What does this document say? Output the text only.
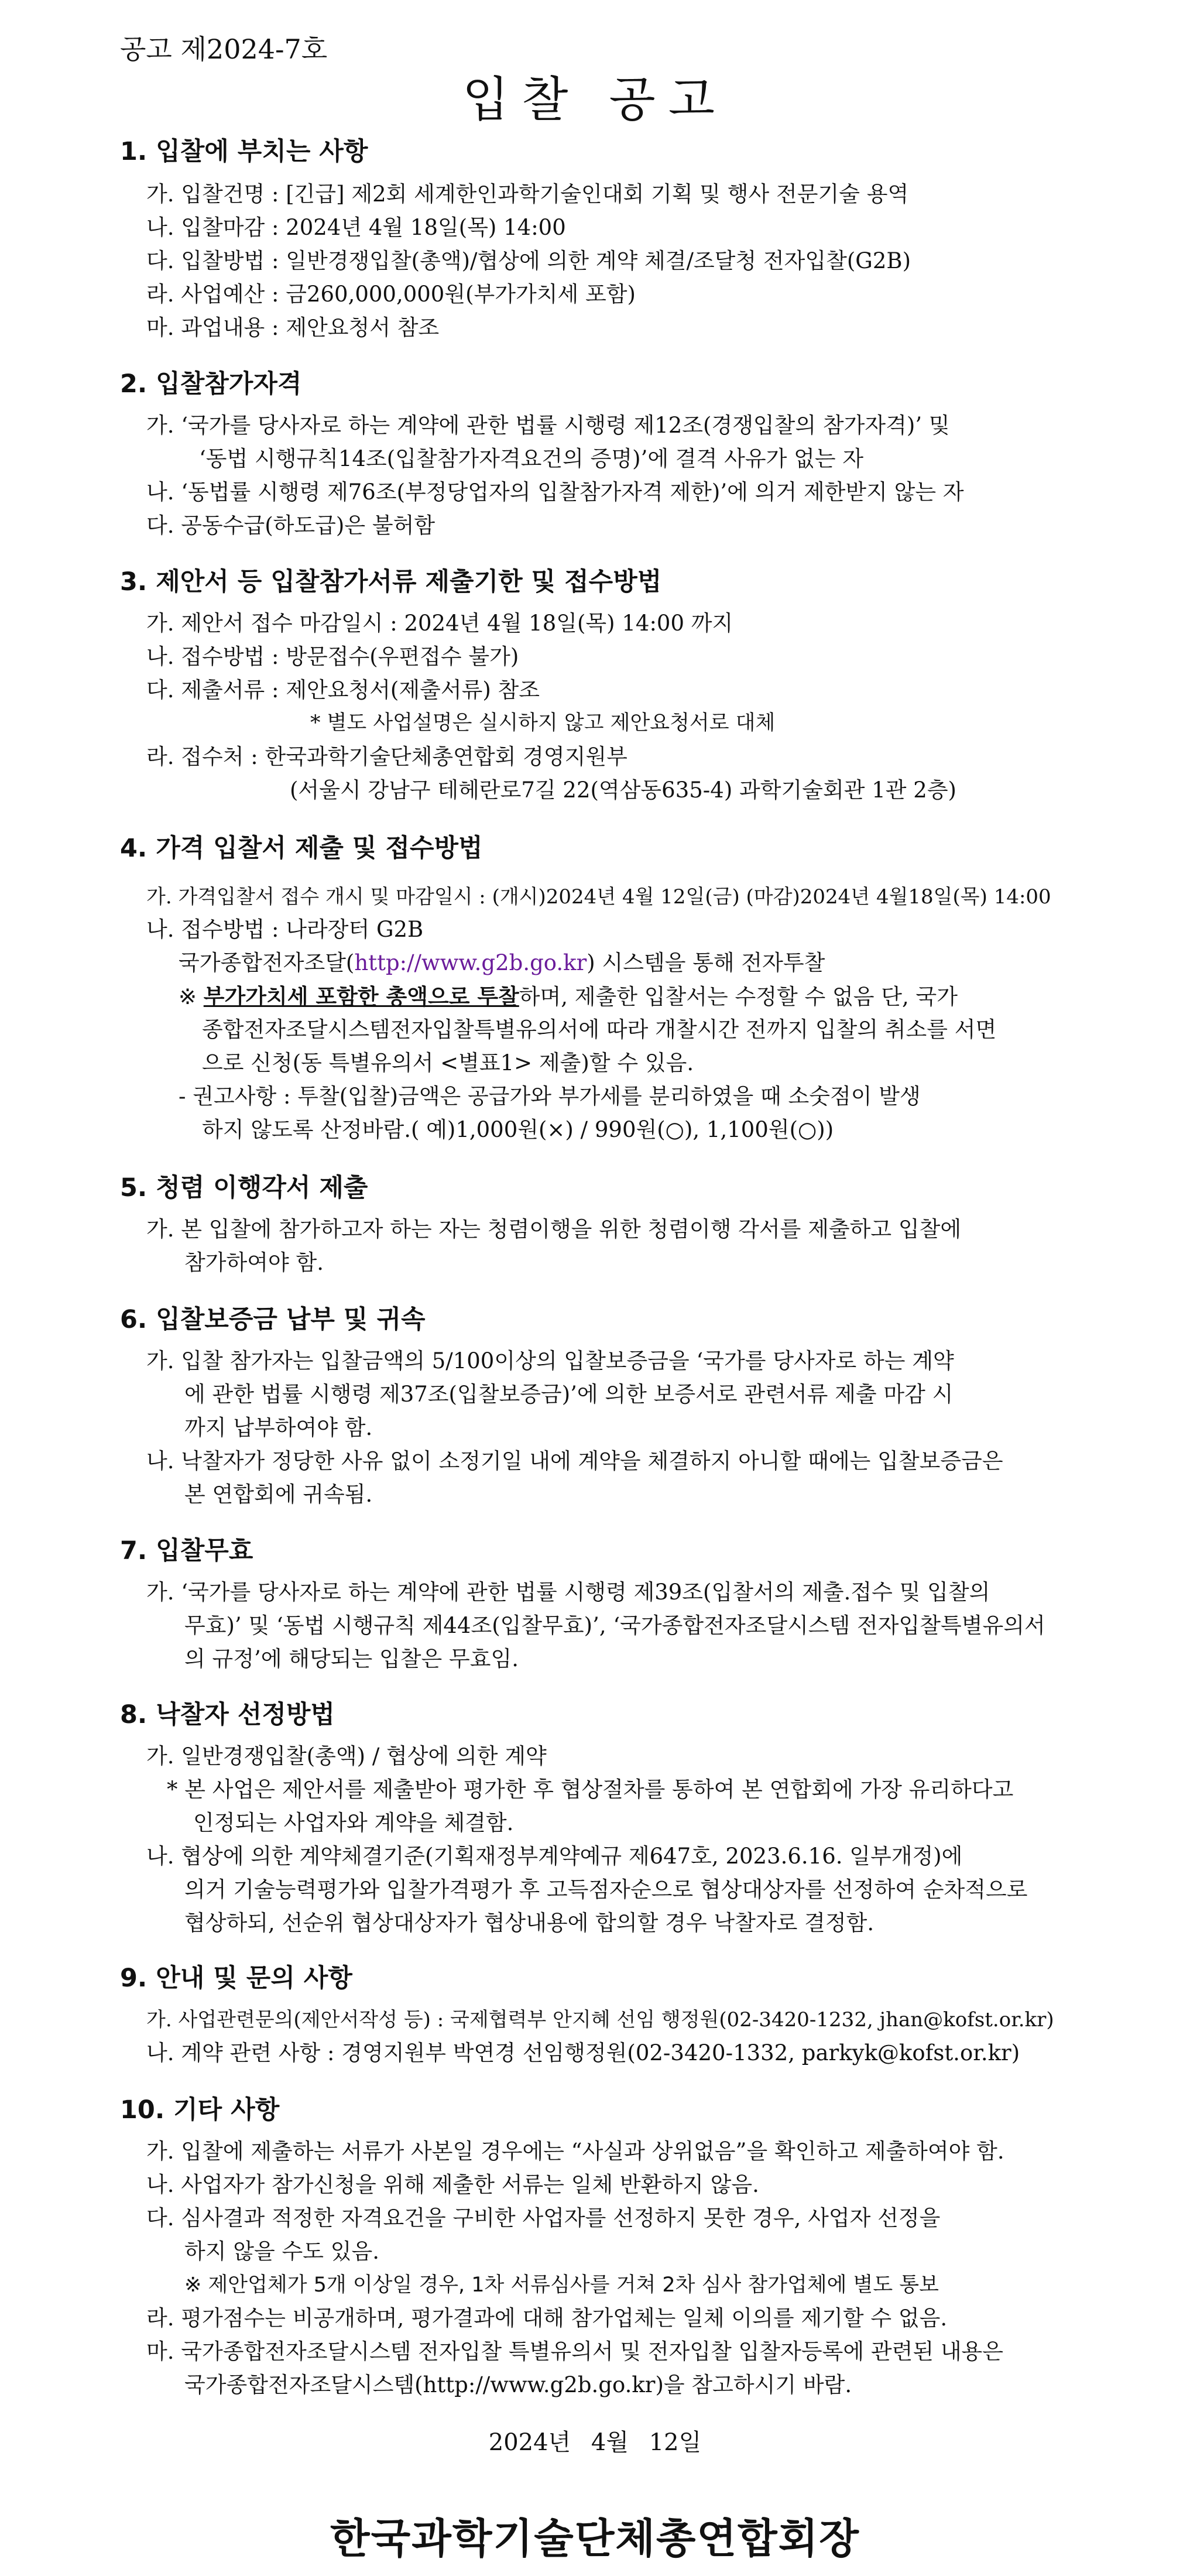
공고 제2024-7호
입찰 공고
1. 입찰에 부치는 사항
가. 입찰건명 : [긴급] 제2회 세계한인과학기술인대회 기획 및 행사 전문기술 용역
나. 입찰마감 : 2024년 4월 18일(목) 14:00
다. 입찰방법 : 일반경쟁입찰(총액)/협상에 의한 계약 체결/조달청 전자입찰(G2B)
라. 사업예산 : 금260,000,000원(부가가치세 포함)
마. 과업내용 : 제안요청서 참조
2. 입찰참가자격
가. ‘국가를 당사자로 하는 계약에 관한 법률 시행령 제12조(경쟁입찰의 참가자격)’ 및
‘동법 시행규칙14조(입찰참가자격요건의 증명)’에 결격 사유가 없는 자
나. ‘동법률 시행령 제76조(부정당업자의 입찰참가자격 제한)’에 의거 제한받지 않는 자
다. 공동수급(하도급)은 불허함
3. 제안서 등 입찰참가서류 제출기한 및 접수방법
가. 제안서 접수 마감일시 : 2024년 4월 18일(목) 14:00 까지
나. 접수방법 : 방문접수(우편접수 불가)
다. 제출서류 : 제안요청서(제출서류) 참조
* 별도 사업설명은 실시하지 않고 제안요청서로 대체
라. 접수처 : 한국과학기술단체총연합회 경영지원부
(서울시 강남구 테헤란로7길 22(역삼동635-4) 과학기술회관 1관 2층)
4. 가격 입찰서 제출 및 접수방법
가. 가격입찰서 접수 개시 및 마감일시 : (개시)2024년 4월 12일(금) (마감)2024년 4월18일(목) 14:00
나. 접수방법 : 나라장터 G2B
국가종합전자조달(http://www.g2b.go.kr) 시스템을 통해 전자투찰
※ 부가가치세 포함한 총액으로 투찰하며, 제출한 입찰서는 수정할 수 없음 단, 국가
종합전자조달시스템전자입찰특별유의서에 따라 개찰시간 전까지 입찰의 취소를 서면
으로 신청(동 특별유의서 <별표1> 제출)할 수 있음.
- 권고사항 : 투찰(입찰)금액은 공급가와 부가세를 분리하였을 때 소숫점이 발생
하지 않도록 산정바람.( 예)1,000원(×) / 990원(○), 1,100원(○))
5. 청렴 이행각서 제출
가. 본 입찰에 참가하고자 하는 자는 청렴이행을 위한 청렴이행 각서를 제출하고 입찰에
참가하여야 함.
6. 입찰보증금 납부 및 귀속
가. 입찰 참가자는 입찰금액의 5/100이상의 입찰보증금을 ‘국가를 당사자로 하는 계약
에 관한 법률 시행령 제37조(입찰보증금)’에 의한 보증서로 관련서류 제출 마감 시
까지 납부하여야 함.
나. 낙찰자가 정당한 사유 없이 소정기일 내에 계약을 체결하지 아니할 때에는 입찰보증금은
본 연합회에 귀속됨.
7. 입찰무효
가. ‘국가를 당사자로 하는 계약에 관한 법률 시행령 제39조(입찰서의 제출.접수 및 입찰의
무효)’ 및 ‘동법 시행규칙 제44조(입찰무효)’, ‘국가종합전자조달시스템 전자입찰특별유의서
의 규정’에 해당되는 입찰은 무효임.
8. 낙찰자 선정방법
가. 일반경쟁입찰(총액) / 협상에 의한 계약
* 본 사업은 제안서를 제출받아 평가한 후 협상절차를 통하여 본 연합회에 가장 유리하다고
인정되는 사업자와 계약을 체결함.
나. 협상에 의한 계약체결기준(기획재정부계약예규 제647호, 2023.6.16. 일부개정)에
의거 기술능력평가와 입찰가격평가 후 고득점자순으로 협상대상자를 선정하여 순차적으로
협상하되, 선순위 협상대상자가 협상내용에 합의할 경우 낙찰자로 결정함.
9. 안내 및 문의 사항
가. 사업관련문의(제안서작성 등) : 국제협력부 안지혜 선임 행정원(02-3420-1232, jhan@kofst.or.kr)
나. 계약 관련 사항 : 경영지원부 박연경 선임행정원(02-3420-1332, parkyk@kofst.or.kr)
10. 기타 사항
가. 입찰에 제출하는 서류가 사본일 경우에는 “사실과 상위없음”을 확인하고 제출하여야 함.
나. 사업자가 참가신청을 위해 제출한 서류는 일체 반환하지 않음.
다. 심사결과 적정한 자격요건을 구비한 사업자를 선정하지 못한 경우, 사업자 선정을
하지 않을 수도 있음.
※ 제안업체가 5개 이상일 경우, 1차 서류심사를 거쳐 2차 심사 참가업체에 별도 통보
라. 평가점수는 비공개하며, 평가결과에 대해 참가업체는 일체 이의를 제기할 수 없음.
마. 국가종합전자조달시스템 전자입찰 특별유의서 및 전자입찰 입찰자등록에 관련된 내용은
국가종합전자조달시스템(http://www.g2b.go.kr)을 참고하시기 바람.
2024년 4월 12일
한국과학기술단체총연합회장
